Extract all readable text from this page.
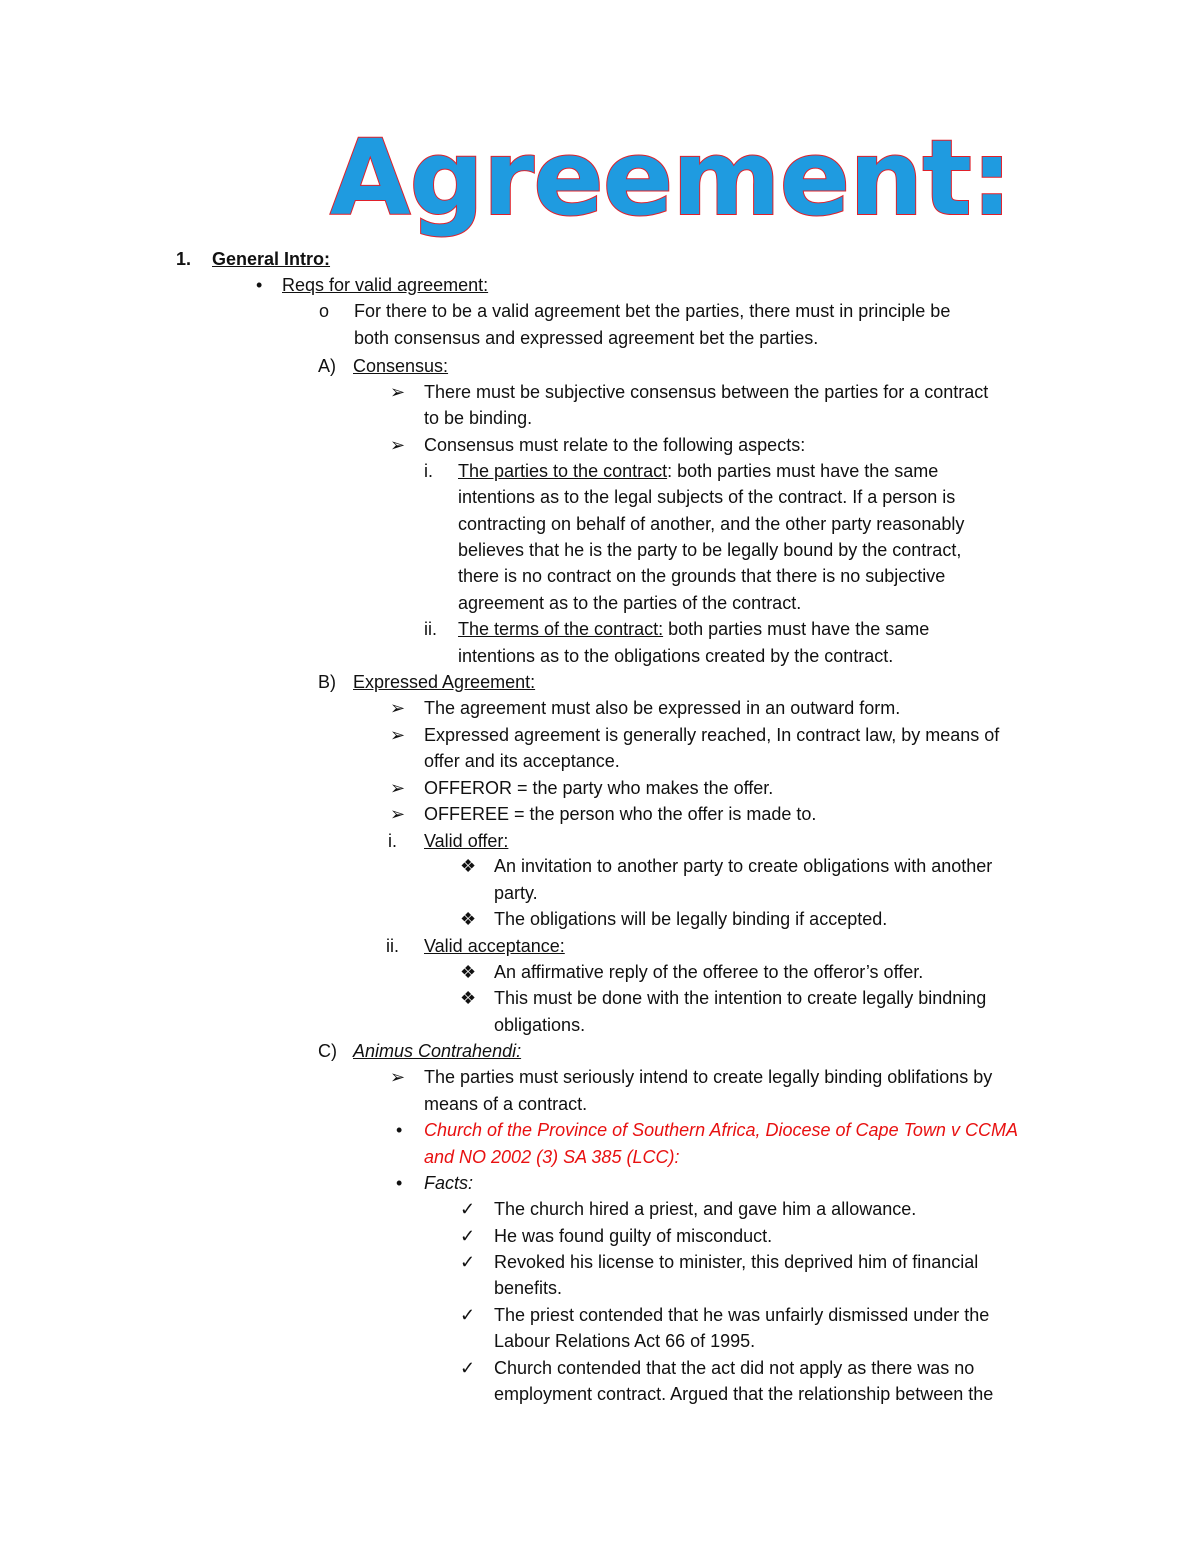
Agreement:
1. General Intro:
• Reqs for valid agreement:
o For there to be a valid agreement bet the parties, there must in principle be
both consensus and expressed agreement bet the parties.
A) Consensus:
➢ There must be subjective consensus between the parties for a contract
to be binding.
➢ Consensus must relate to the following aspects:
i. The parties to the contract: both parties must have the same
intentions as to the legal subjects of the contract. If a person is
contracting on behalf of another, and the other party reasonably
believes that he is the party to be legally bound by the contract,
there is no contract on the grounds that there is no subjective
agreement as to the parties of the contract.
ii. The terms of the contract: both parties must have the same
intentions as to the obligations created by the contract.
B) Expressed Agreement:
➢ The agreement must also be expressed in an outward form.
➢ Expressed agreement is generally reached, In contract law, by means of
offer and its acceptance.
➢ OFFEROR = the party who makes the offer.
➢ OFFEREE = the person who the offer is made to.
i. Valid offer:
❖ An invitation to another party to create obligations with another
party.
❖ The obligations will be legally binding if accepted.
ii. Valid acceptance:
❖ An affirmative reply of the offeree to the offeror’s offer.
❖ This must be done with the intention to create legally bindning
obligations.
C) Animus Contrahendi:
➢ The parties must seriously intend to create legally binding oblifations by
means of a contract.
• Church of the Province of Southern Africa, Diocese of Cape Town v CCMA
and NO 2002 (3) SA 385 (LCC):
• Facts:
✓ The church hired a priest, and gave him a allowance.
✓ He was found guilty of misconduct.
✓ Revoked his license to minister, this deprived him of financial
benefits.
✓ The priest contended that he was unfairly dismissed under the
Labour Relations Act 66 of 1995.
✓ Church contended that the act did not apply as there was no
employment contract. Argued that the relationship between the
